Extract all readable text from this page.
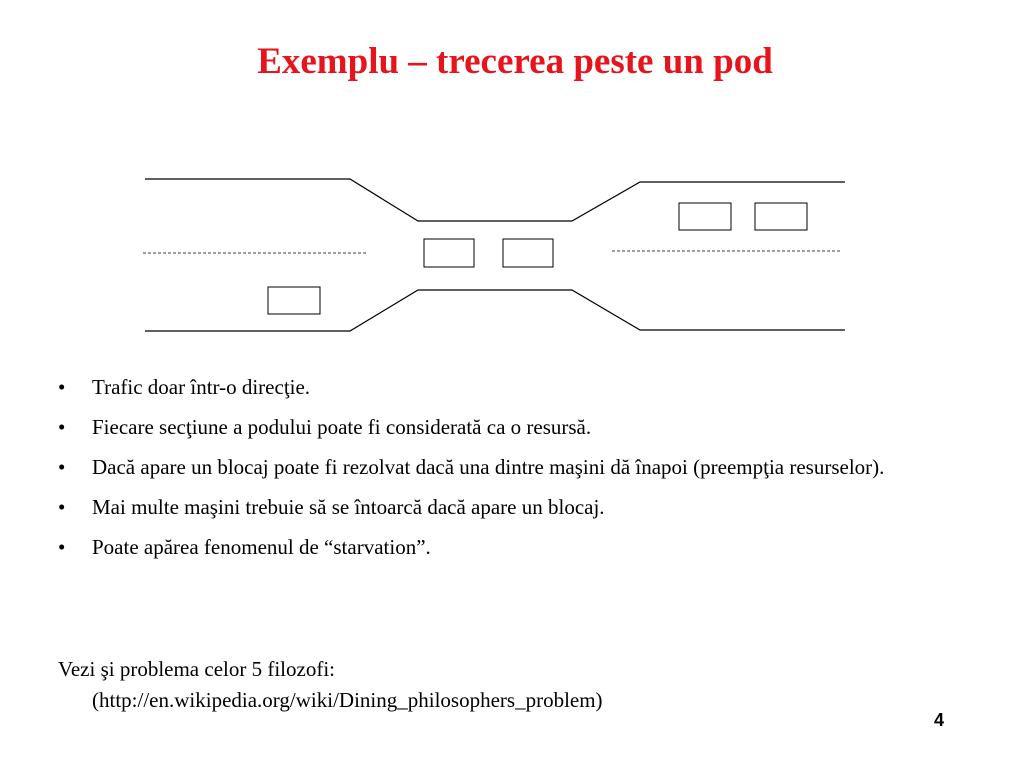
Exemplu – trecerea peste un pod
• Trafic doar într-o direcţie.
• Fiecare secţiune a podului poate fi considerată ca o resursă.
• Dacă apare un blocaj poate fi rezolvat dacă una dintre maşini dă înapoi (preempţia resurselor).
• Mai multe maşini trebuie să se întoarcă dacă apare un blocaj.
• Poate apărea fenomenul de “starvation”.
Vezi şi problema celor 5 filozofi:
(http://en.wikipedia.org/wiki/Dining_philosophers_problem)
4
